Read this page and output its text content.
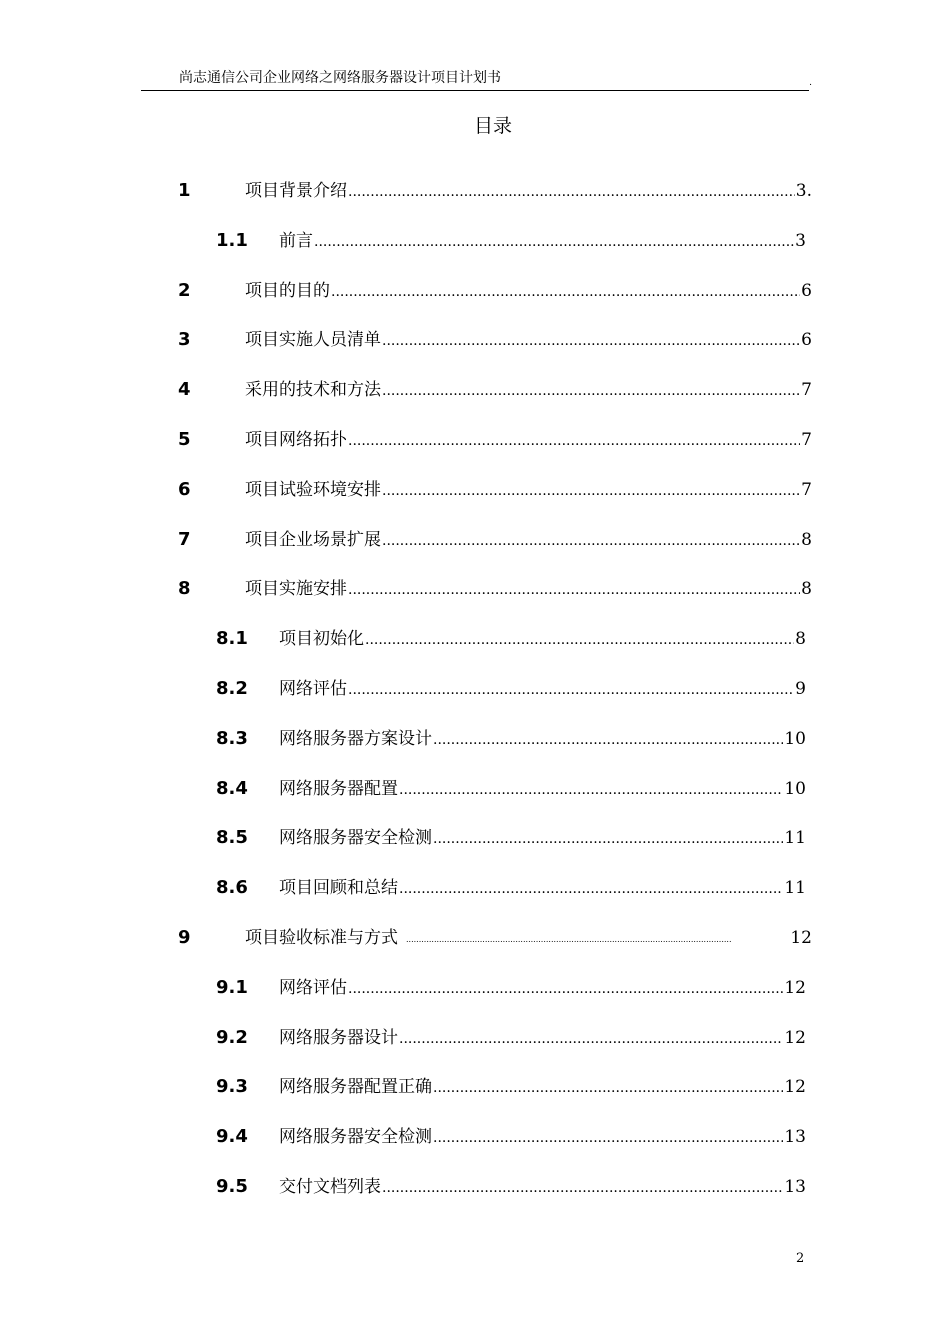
尚志通信公司企业网络之网络服务器设计项目计划书	.
目录
1	项目背景介绍 .....	3.
1.1	前言 .....	3
2	项目的目的 .....	6
3	项目实施人员清单 .....	6
4	采用的技术和方法 .....	7
5	项目网络拓扑 .....	7
6	项目试验环境安排 .....	7
7	项目企业场景扩展 .....	8
8	项目实施安排 .....	8
8.1	项目初始化 .....	8
8.2	网络评估 .....	9
8.3	网络服务器方案设计 .....	10
8.4	网络服务器配置 .....	10
8.5	网络服务器安全检测 .....	11
8.6	项目回顾和总结 .....	11
9	项目验收标准与方式 .....	12
9.1	网络评估 .....	12
9.2	网络服务器设计 .....	12
9.3	网络服务器配置正确 .....	12
9.4	网络服务器安全检测 .....	13
9.5	交付文档列表 .....	13
2
